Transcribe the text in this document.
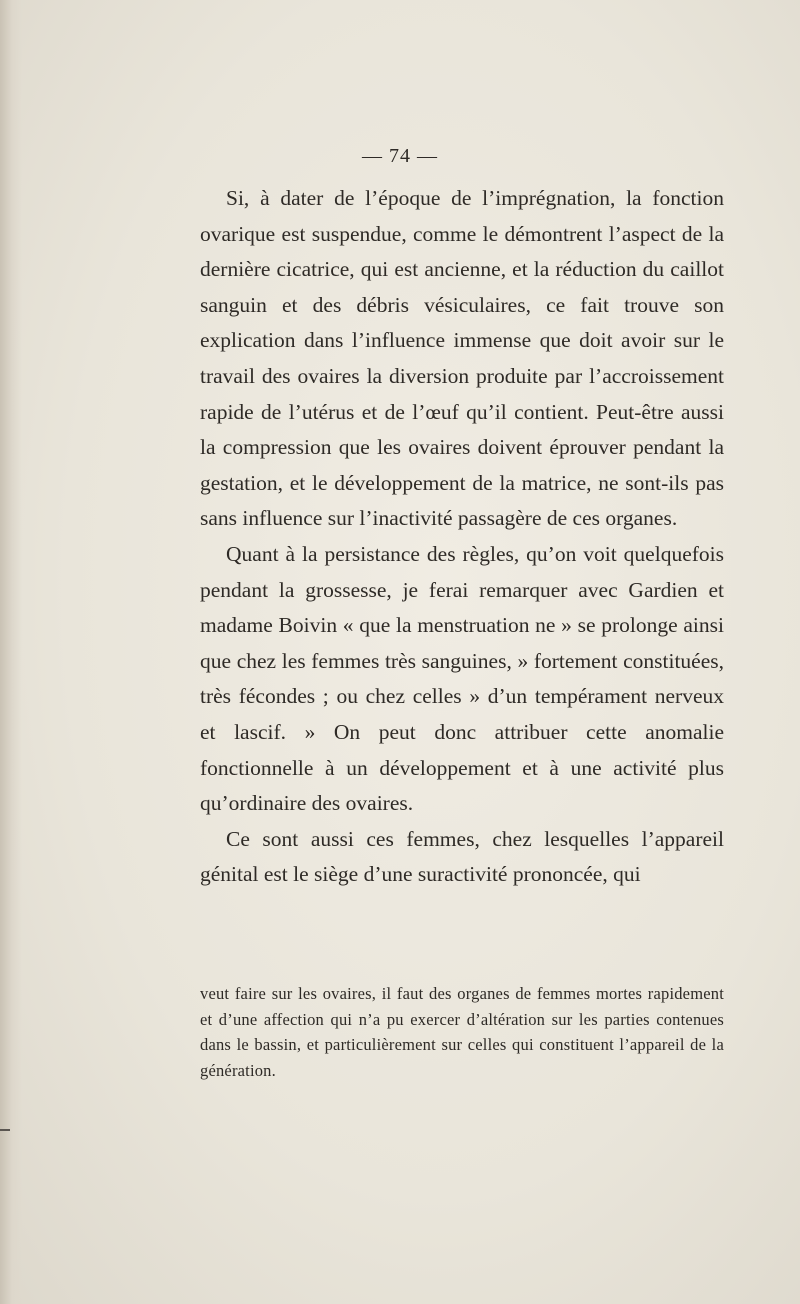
— 74 —

Si, à dater de l’époque de l’imprégnation, la fonction ovarique est suspendue, comme le démontrent l’aspect de la dernière cicatrice, qui est ancienne, et la réduction du caillot sanguin et des débris vésiculaires, ce fait trouve son explication dans l’influence immense que doit avoir sur le travail des ovaires la diversion produite par l’accroissement rapide de l’utérus et de l’œuf qu’il contient. Peut-être aussi la compression que les ovaires doivent éprouver pendant la gestation, et le développement de la matrice, ne sont-ils pas sans influence sur l’inactivité passagère de ces organes.

Quant à la persistance des règles, qu’on voit quelquefois pendant la grossesse, je ferai remarquer avec Gardien et madame Boivin « que la menstruation ne » se prolonge ainsi que chez les femmes très sanguines, » fortement constituées, très fécondes ; ou chez celles » d’un tempérament nerveux et lascif. » On peut donc attribuer cette anomalie fonctionnelle à un développement et à une activité plus qu’ordinaire des ovaires.

Ce sont aussi ces femmes, chez lesquelles l’appareil génital est le siège d’une suractivité prononcée, qui

veut faire sur les ovaires, il faut des organes de femmes mortes rapidement et d’une affection qui n’a pu exercer d’altération sur les parties contenues dans le bassin, et particulièrement sur celles qui constituent l’appareil de la génération.
